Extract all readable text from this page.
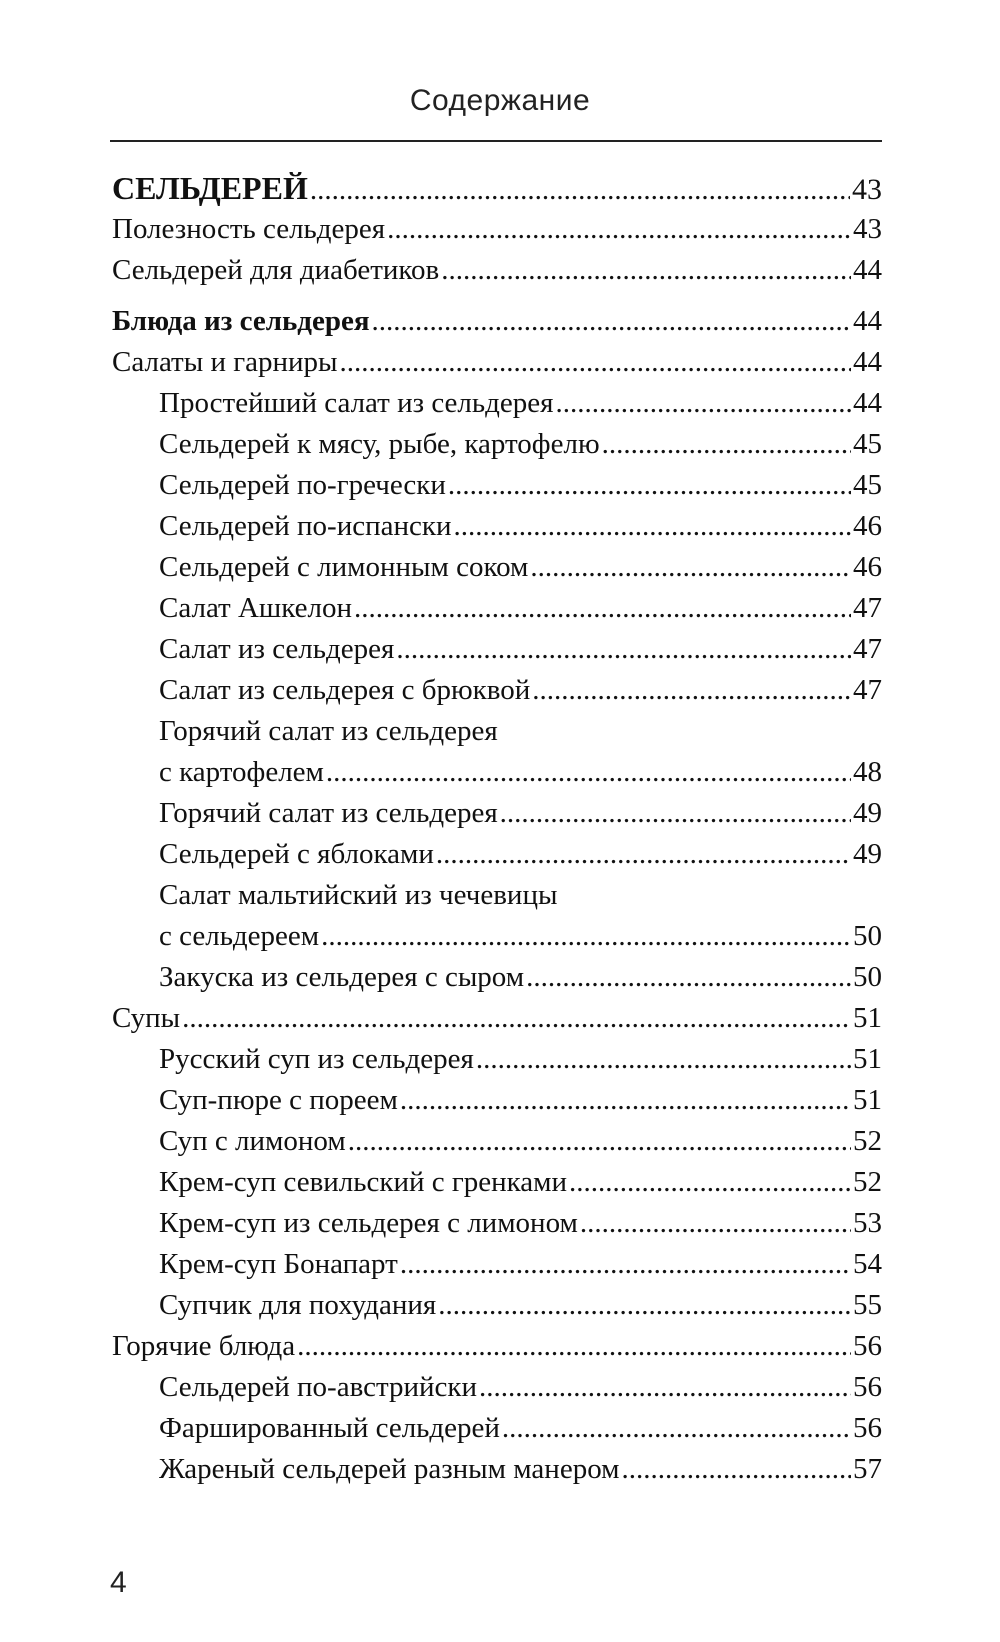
Содержание
СЕЛЬДЕРЕЙ .....	43
Полезность сельдерея .....	43
Сельдерей для диабетиков .....	44
Блюда из сельдерея .....	44
Салаты и гарниры .....	44
Простейший салат из сельдерея .....	44
Сельдерей к мясу, рыбе, картофелю .....	45
Сельдерей по-гречески .....	45
Сельдерей по-испански .....	46
Сельдерей с лимонным соком .....	46
Салат Ашкелон .....	47
Салат из сельдерея .....	47
Салат из сельдерея с брюквой .....	47
Горячий салат из сельдерея
с картофелем .....	48
Горячий салат из сельдерея .....	49
Сельдерей с яблоками .....	49
Салат мальтийский из чечевицы
с сельдереем .....	50
Закуска из сельдерея с сыром .....	50
Супы .....	51
Русский суп из сельдерея .....	51
Суп-пюре с пореем .....	51
Суп с лимоном .....	52
Крем-суп севильский с гренками .....	52
Крем-суп из сельдерея с лимоном .....	53
Крем-суп Бонапарт .....	54
Супчик для похудания .....	55
Горячие блюда .....	56
Сельдерей по-австрийски .....	56
Фаршированный сельдерей .....	56
Жареный сельдерей разным манером .....	57
4
